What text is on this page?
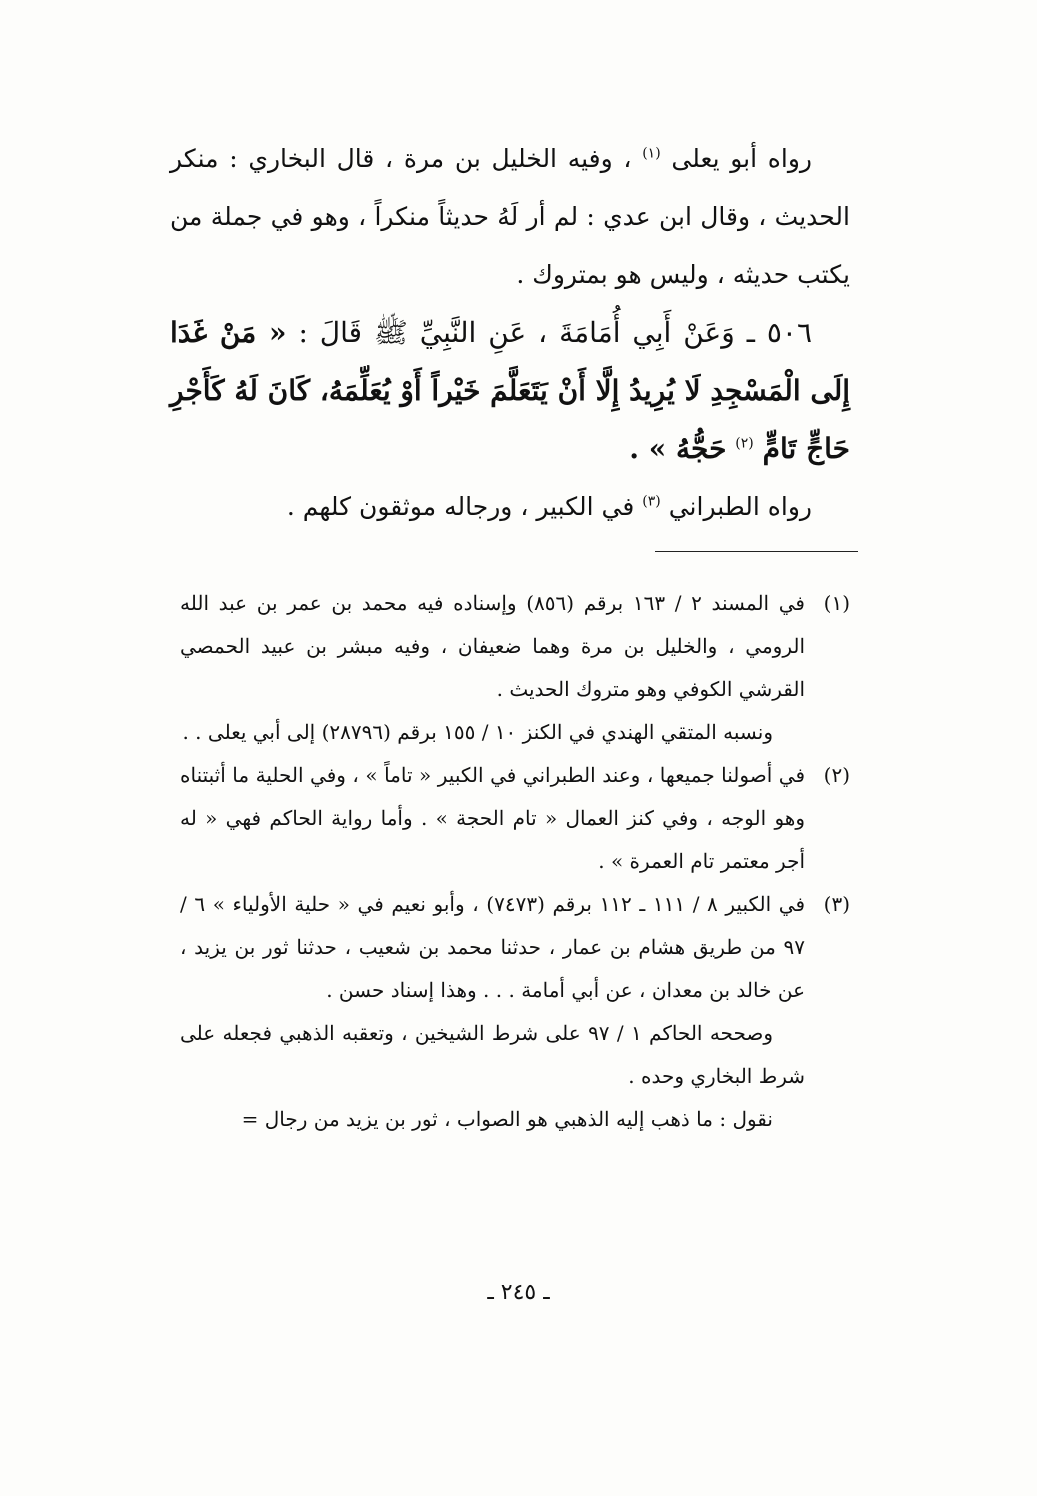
رواه أبو يعلى $^{(١)}$ ، وفيه الخليل بن مرة ، قال البخاري : منكر الحديث ، وقال ابن عدي : لم أر لَهُ حديثاً منكراً ، وهو في جملة من يكتب حديثه ، وليس هو بمتروك .

٥٠٦ ـ وَعَنْ أَبِي أُمَامَةَ ، عَنِ النَّبِيِّ ﷺ قَالَ : « مَنْ غَدَا إِلَى الْمَسْجِدِ لَا يُرِيدُ إِلَّا أَنْ يَتَعَلَّمَ خَيْراً أَوْ يُعَلِّمَهُ، كَانَ لَهُ كَأَجْرِ حَاجٍّ تَامٍّ $^{(٢)}$ حَجُّهُ » .

رواه الطبراني $^{(٣)}$ في الكبير ، ورجاله موثقون كلهم .

(١)

في المسند ٢ / ١٦٣ برقم (٨٥٦) وإسناده فيه محمد بن عمر بن عبد الله الرومي ، والخليل بن مرة وهما ضعيفان ، وفيه مبشر بن عبيد الحمصي القرشي الكوفي وهو متروك الحديث .

ونسبه المتقي الهندي في الكنز ١٠ / ١٥٥ برقم (٢٨٧٩٦) إلى أبي يعلى . .

(٢)

في أصولنا جميعها ، وعند الطبراني في الكبير « تاماً » ، وفي الحلية ما أثبتناه وهو الوجه ، وفي كنز العمال « تام الحجة » . وأما رواية الحاكم فهي « له أجر معتمر تام العمرة » .

(٣)

في الكبير ٨ / ١١١ ـ ١١٢ برقم (٧٤٧٣) ، وأبو نعيم في « حلية الأولياء » ٦ / ٩٧ من طريق هشام بن عمار ، حدثنا محمد بن شعيب ، حدثنا ثور بن يزيد ، عن خالد بن معدان ، عن أبي أمامة . . . وهذا إسناد حسن .

وصححه الحاكم ١ / ٩٧ على شرط الشيخين ، وتعقبه الذهبي فجعله على شرط البخاري وحده .

نقول : ما ذهب إليه الذهبي هو الصواب ، ثور بن يزيد من رجال =

ـ ٢٤٥ ـ
